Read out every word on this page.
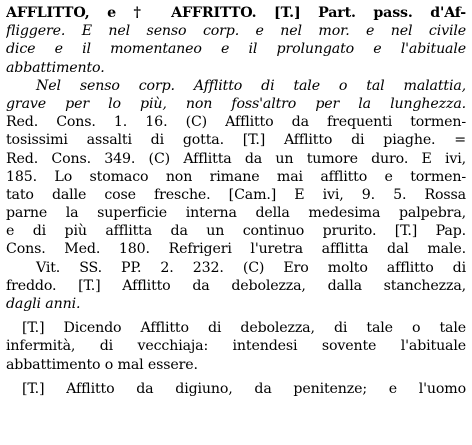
AFFLITTO, e † AFFRITTO. [T.] Part. pass. d'Af-
fliggere. E nel senso corp. e nel mor. e nel civile
dice e il momentaneo e il prolungato e l'abituale
abbattimento.
Nel senso corp. Afflitto di tale o tal malattia,
grave per lo più, non foss'altro per la lunghezza.
Red. Cons. 1. 16. (C) Afflitto da frequenti tormen-
tosissimi assalti di gotta. [T.] Afflitto di piaghe. =
Red. Cons. 349. (C) Afflitta da un tumore duro. E ivi,
185. Lo stomaco non rimane mai afflitto e tormen-
tato dalle cose fresche. [Cam.] E ivi, 9. 5. Rossa
parne la superficie interna della medesima palpebra,
e di più afflitta da un continuo prurito. [T.] Pap.
Cons. Med. 180. Refrigeri l'uretra afflitta dal male.
Vit. SS. PP. 2. 232. (C) Ero molto afflitto di
freddo. [T.] Afflitto da debolezza, dalla stanchezza,
dagli anni.
[T.] Dicendo Afflitto di debolezza, di tale o tale
infermità, di vecchiaja: intendesi sovente l'abituale
abbattimento o mal essere.
[T.] Afflitto da digiuno, da penitenze; e l'uomo
